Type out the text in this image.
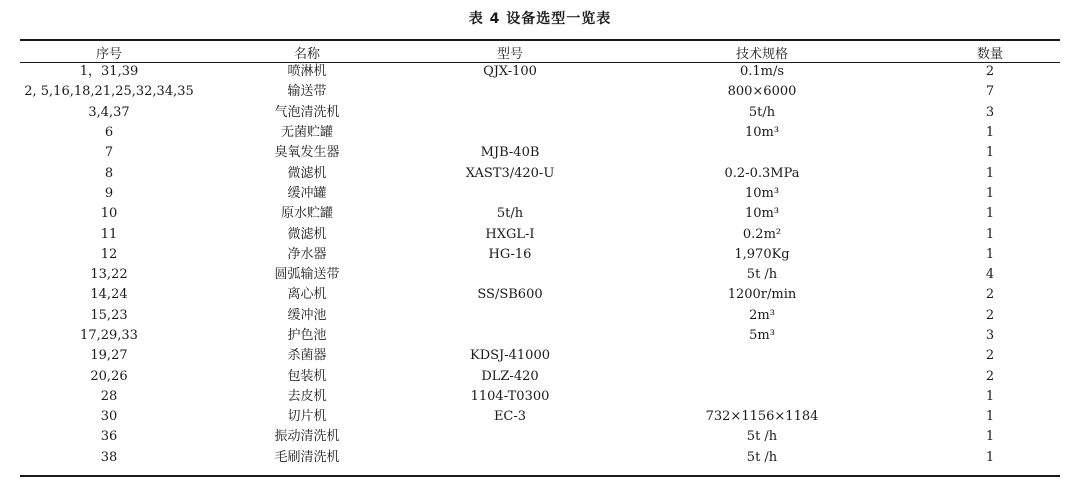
表 4 设备选型一览表
序号	名称	型号	技术规格	数量
1，31,39	喷淋机	QJX-100	0.1m/s	2
2, 5,16,18,21,25,32,34,35	输送带		800×6000	7
3,4,37	气泡清洗机		5t/h	3
6	无菌贮罐		10m³	1
7	臭氧发生器	MJB-40B		1
8	微滤机	XAST3/420-U	0.2-0.3MPa	1
9	缓冲罐		10m³	1
10	原水贮罐	5t/h	10m³	1
11	微滤机	HXGL-I	0.2m²	1
12	净水器	HG-16	1,970Kg	1
13,22	圆弧输送带		5t /h	4
14,24	离心机	SS/SB600	1200r/min	2
15,23	缓冲池		2m³	2
17,29,33	护色池		5m³	3
19,27	杀菌器	KDSJ-41000		2
20,26	包装机	DLZ-420		2
28	去皮机	1104-T0300		1
30	切片机	EC-3	732×1156×1184	1
36	振动清洗机		5t /h	1
38	毛刷清洗机		5t /h	1
